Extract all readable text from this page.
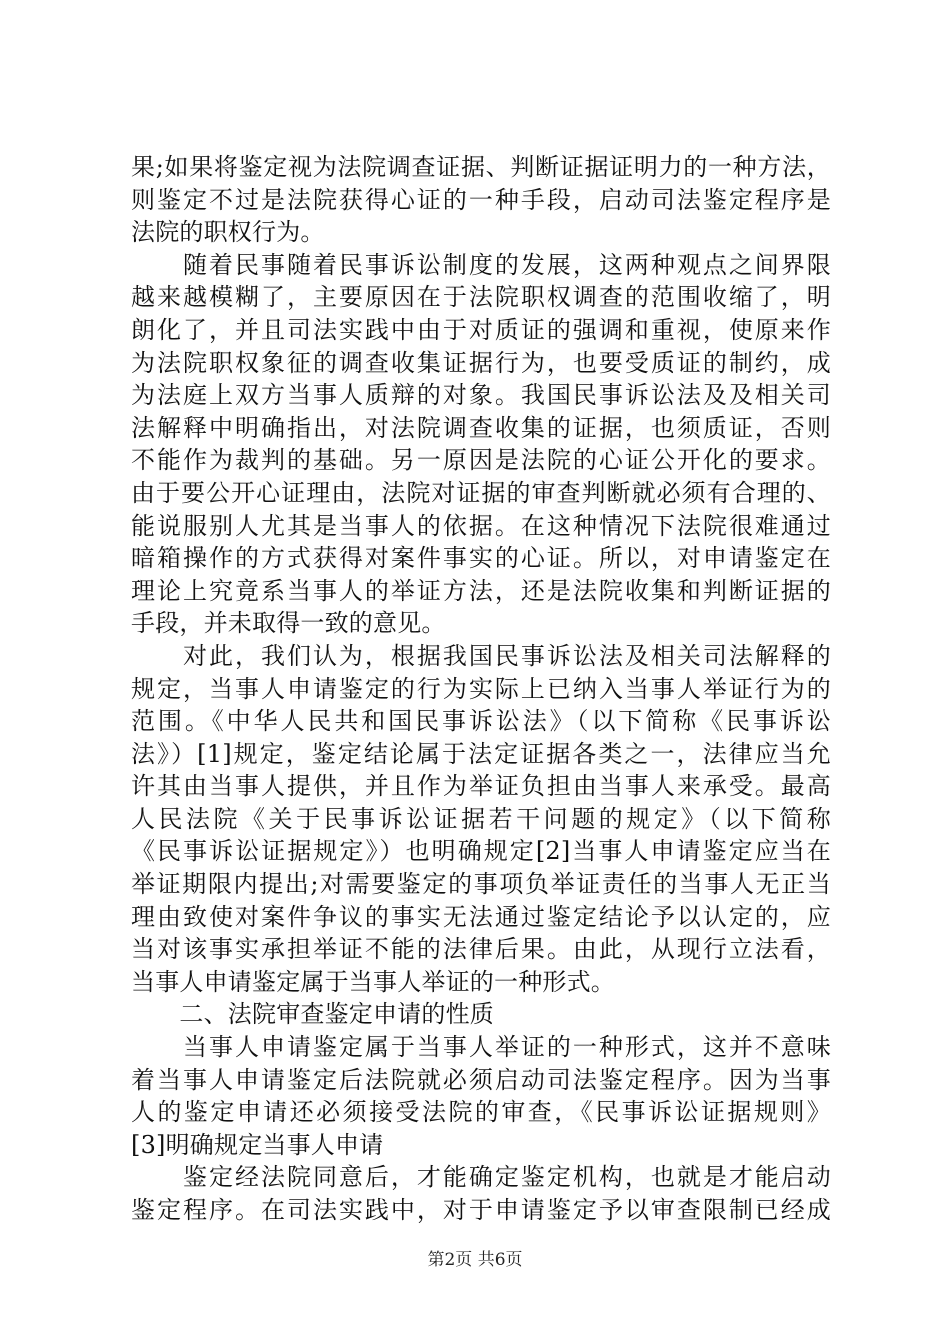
果;如果将鉴定视为法院调查证据、判断证据证明力的一种方法，
则鉴定不过是法院获得心证的一种手段，启动司法鉴定程序是
法院的职权行为。
　　随着民事随着民事诉讼制度的发展，这两种观点之间界限
越来越模糊了，主要原因在于法院职权调查的范围收缩了，明
朗化了，并且司法实践中由于对质证的强调和重视，使原来作
为法院职权象征的调查收集证据行为，也要受质证的制约，成
为法庭上双方当事人质辩的对象。我国民事诉讼法及及相关司
法解释中明确指出，对法院调查收集的证据，也须质证，否则
不能作为裁判的基础。另一原因是法院的心证公开化的要求。
由于要公开心证理由，法院对证据的审查判断就必须有合理的、
能说服别人尤其是当事人的依据。在这种情况下法院很难通过
暗箱操作的方式获得对案件事实的心证。所以，对申请鉴定在
理论上究竟系当事人的举证方法，还是法院收集和判断证据的
手段，并未取得一致的意见。
　　对此，我们认为，根据我国民事诉讼法及相关司法解释的
规定，当事人申请鉴定的行为实际上已纳入当事人举证行为的
范围。《中华人民共和国民事诉讼法》（以下简称《民事诉讼
法》）[1]规定，鉴定结论属于法定证据各类之一，法律应当允
许其由当事人提供，并且作为举证负担由当事人来承受。最高
人民法院《关于民事诉讼证据若干问题的规定》（以下简称
《民事诉讼证据规定》）也明确规定[2]当事人申请鉴定应当在
举证期限内提出;对需要鉴定的事项负举证责任的当事人无正当
理由致使对案件争议的事实无法通过鉴定结论予以认定的，应
当对该事实承担举证不能的法律后果。由此，从现行立法看，
当事人申请鉴定属于当事人举证的一种形式。
　　二、法院审查鉴定申请的性质
　　当事人申请鉴定属于当事人举证的一种形式，这并不意味
着当事人申请鉴定后法院就必须启动司法鉴定程序。因为当事
人的鉴定申请还必须接受法院的审查，《民事诉讼证据规则》
[3]明确规定当事人申请
　　鉴定经法院同意后，才能确定鉴定机构，也就是才能启动
鉴定程序。在司法实践中，对于申请鉴定予以审查限制已经成
第2页 共6页
